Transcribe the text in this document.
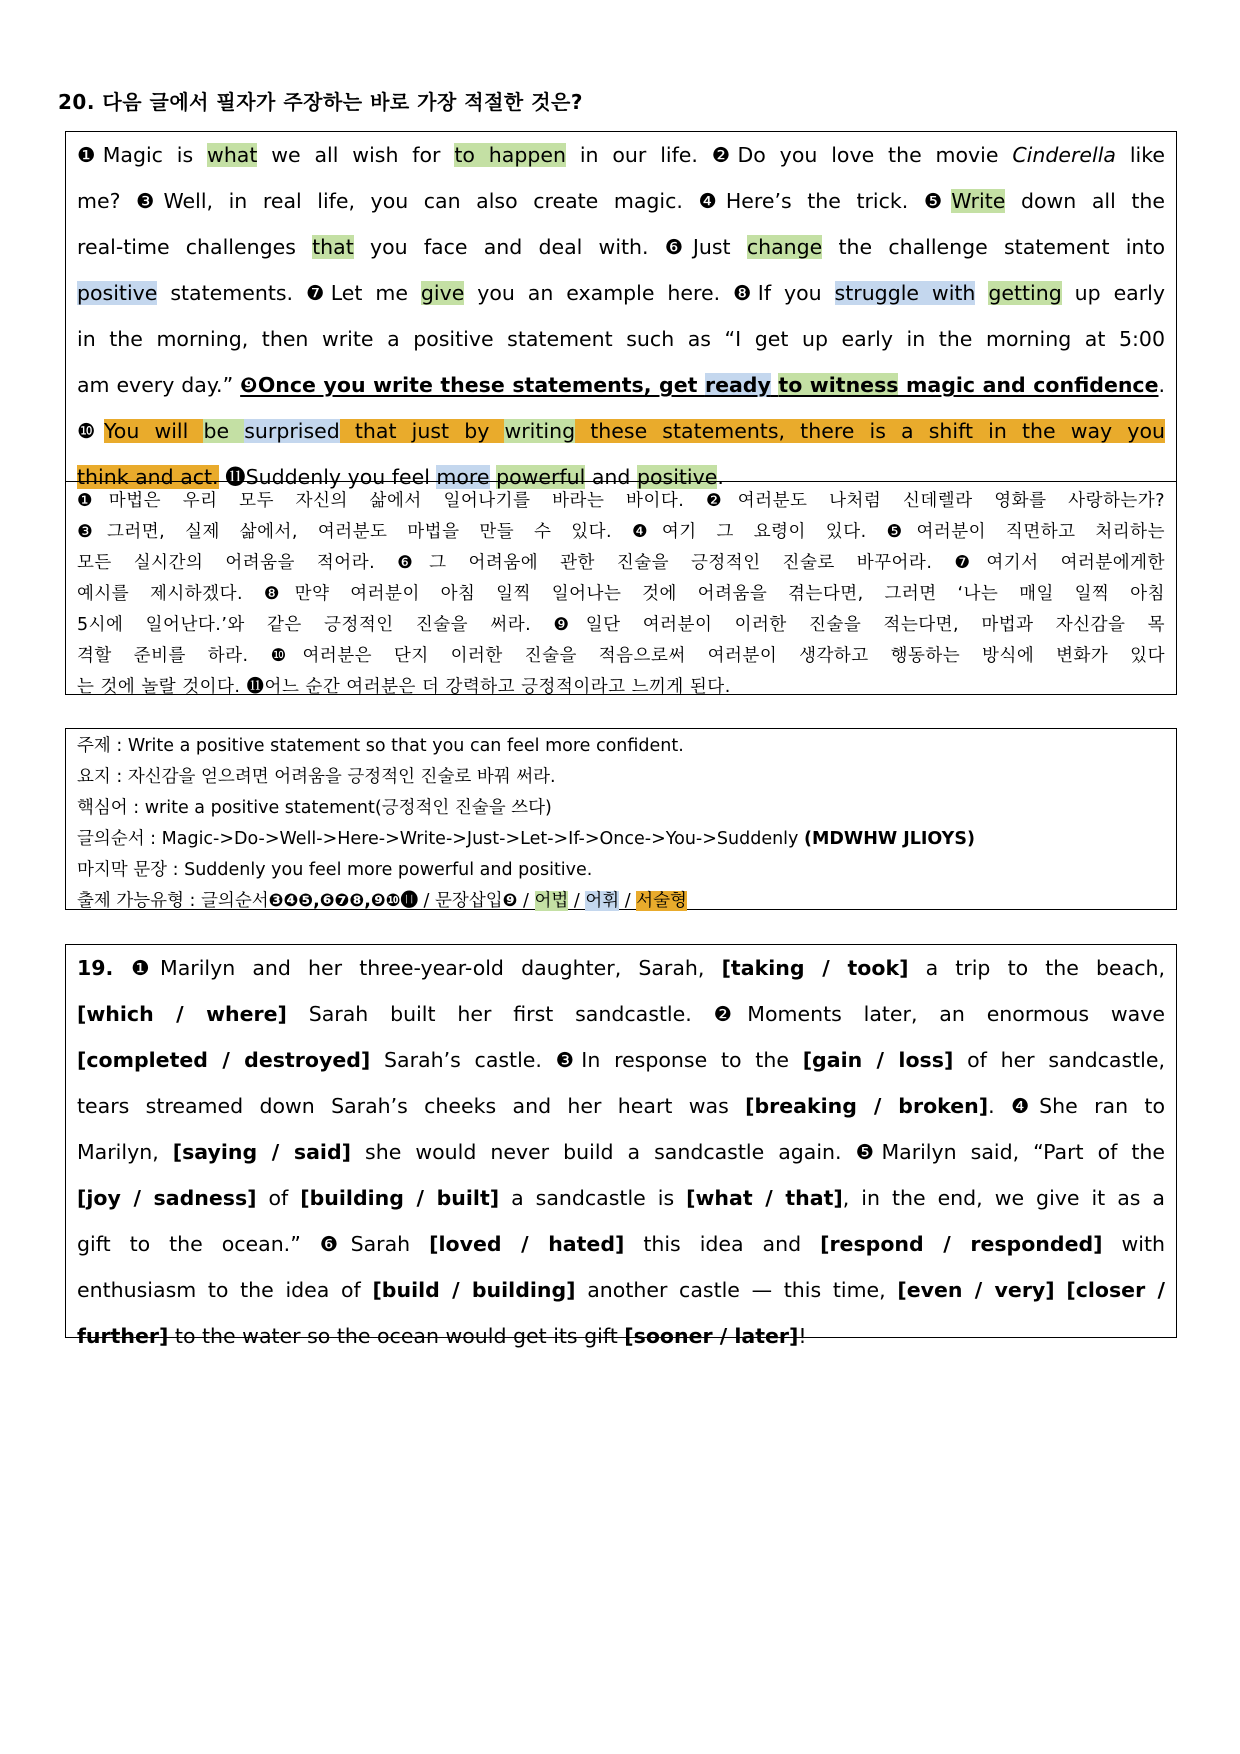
20. 다음 글에서 필자가 주장하는 바로 가장 적절한 것은?
❶Magic is what we all wish for to happen in our life. ❷Do you love the movie Cinderella like
me? ❸Well, in real life, you can also create magic. ❹Here’s the trick. ❺Write down all the
real-time challenges that you face and deal with. ❻Just change the challenge statement into
positive statements. ❼Let me give you an example here. ❽If you struggle with getting up early
in the morning, then write a positive statement such as “I get up early in the morning at 5:00
am every day.” ❾Once you write these statements, get ready to witness magic and confidence.
❿You will be surprised that just by writing these statements, there is a shift in the way you
think and act. ⓫Suddenly you feel more powerful and positive.
❶마법은 우리 모두 자신의 삶에서 일어나기를 바라는 바이다. ❷여러분도 나처럼 신데렐라 영화를 사랑하는가?
❸그러면, 실제 삶에서, 여러분도 마법을 만들 수 있다. ❹여기 그 요령이 있다. ❺여러분이 직면하고 처리하는
모든 실시간의 어려움을 적어라. ❻그 어려움에 관한 진술을 긍정적인 진술로 바꾸어라. ❼여기서 여러분에게한
예시를 제시하겠다. ❽만약 여러분이 아침 일찍 일어나는 것에 어려움을 겪는다면, 그러면 ‘나는 매일 일찍 아침
5시에 일어난다.’와 같은 긍정적인 진술을 써라. ❾일단 여러분이 이러한 진술을 적는다면, 마법과 자신감을 목
격할 준비를 하라. ❿여러분은 단지 이러한 진술을 적음으로써 여러분이 생각하고 행동하는 방식에 변화가 있다
는 것에 놀랄 것이다. ⓫어느 순간 여러분은 더 강력하고 긍정적이라고 느끼게 된다.
주제 : Write a positive statement so that you can feel more confident.
요지 : 자신감을 얻으려면 어려움을 긍정적인 진술로 바꿔 써라.
핵심어 : write a positive statement(긍정적인 진술을 쓰다)
글의순서 : Magic->Do->Well->Here->Write->Just->Let->If->Once->You->Suddenly (MDWHW JLIOYS)
마지막 문장 : Suddenly you feel more powerful and positive.
출제 가능유형 : 글의순서❸❹❺,❻❼❽,❾❿⓫ / 문장삽입❾ / 어법 / 어휘 / 서술형
19. ❶Marilyn and her three-year-old daughter, Sarah, [taking / took] a trip to the beach,
[which / where] Sarah built her first sandcastle. ❷Moments later, an enormous wave
[completed / destroyed] Sarah’s castle. ❸In response to the [gain / loss] of her sandcastle,
tears streamed down Sarah’s cheeks and her heart was [breaking / broken]. ❹She ran to
Marilyn, [saying / said] she would never build a sandcastle again. ❺Marilyn said, “Part of the
[joy / sadness] of [building / built] a sandcastle is [what / that], in the end, we give it as a
gift to the ocean.” ❻Sarah [loved / hated] this idea and [respond / responded] with
enthusiasm to the idea of [build / building] another castle — this time, [even / very] [closer /
further] to the water so the ocean would get its gift [sooner / later]!
